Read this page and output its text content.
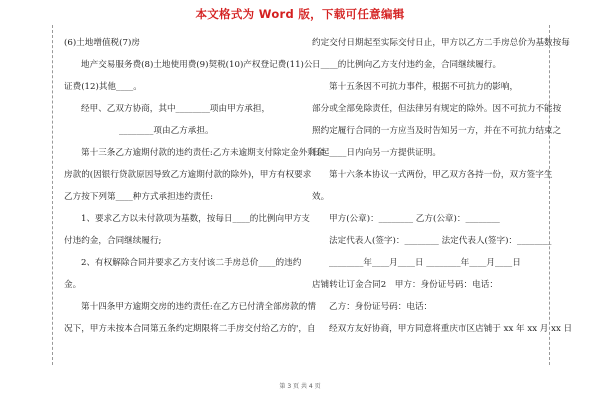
本文格式为 Word 版，下载可任意编辑
(6)土地增值税(7)房
地产交易服务费(8)土地使用费(9)契税(10)产权登记费(11)公
证费(12)其他____。
经甲、乙双方协商，其中________项由甲方承担，
________项由乙方承担。
第十三条乙方逾期付款的违约责任:乙方未逾期支付除定金外剩余
房款的(因银行贷款原因导致乙方逾期付款的除外)，甲方有权要求
乙方按下列第____种方式承担违约责任:
1、要求乙方以未付款项为基数，按每日____的比例向甲方支
付违约金，合同继续履行;
2、有权解除合同并要求乙方支付该二手房总价____的违约
金。
第十四条甲方逾期交房的违约责任:在乙方已付清全部房款的情
况下，甲方未按本合同第五条约定期限将二手房交付给乙方的'，自
约定交付日期起至实际交付日止，甲方以乙方二手房总价为基数按每
日____的比例向乙方支付违约金，合同继续履行。
第十五条因不可抗力事件，根据不可抗力的影响，
部分或全部免除责任，但法律另有规定的除外。因不可抗力不能按
照约定履行合同的一方应当及时告知另一方，并在不可抗力结束之
日起____日内向另一方提供证明。
第十六条本协议一式两份，甲乙双方各持一份，双方签字生
效。
甲方(公章)：________ 乙方(公章)：________
法定代表人(签字)：________ 法定代表人(签字)：________
________年____月____日 ________年____月____日
店铺转让订金合同2　甲方：身份证号码：电话：
乙方：身份证号码：电话：
经双方友好协商，甲方同意将重庆市区店铺于 xx 年 xx 月 xx 日
第 3 页 共 4 页
